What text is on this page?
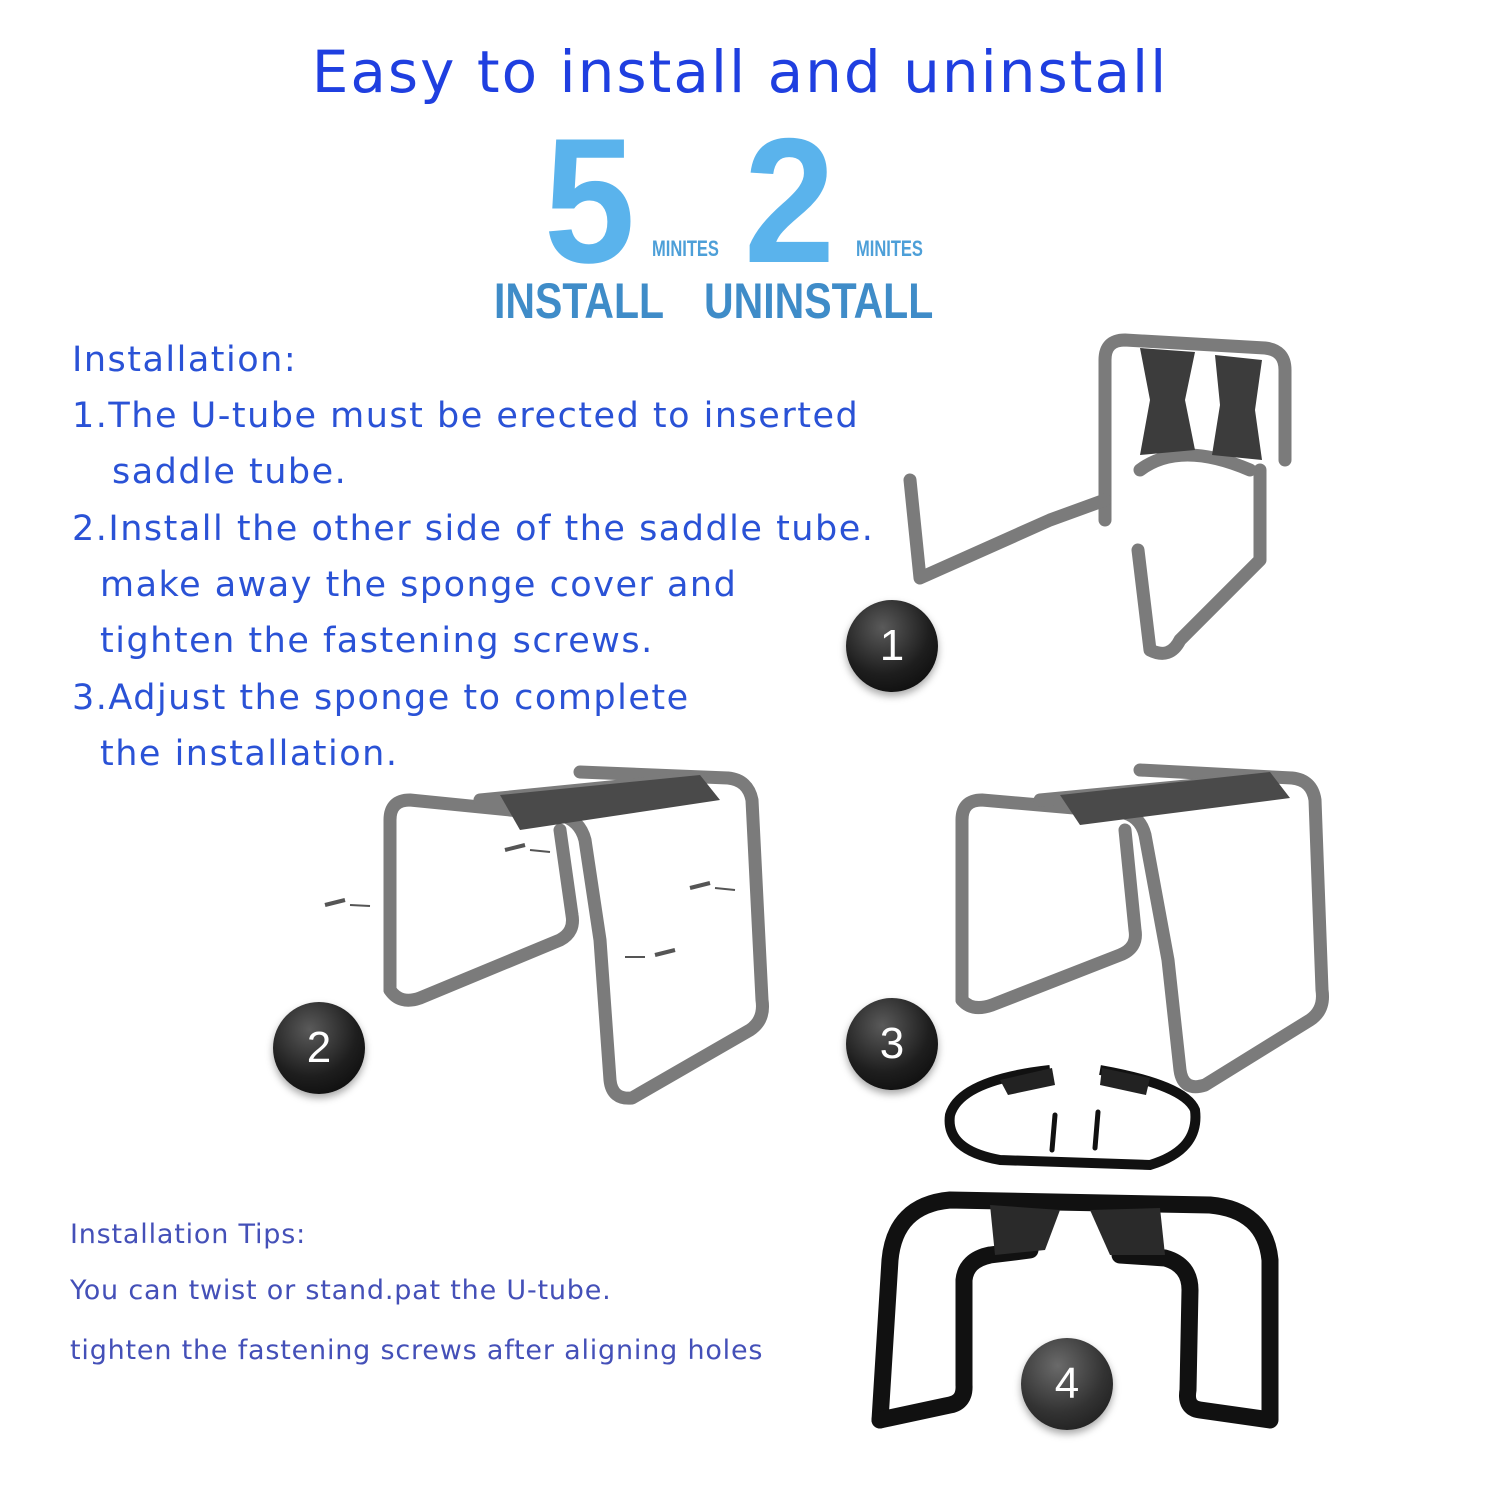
Easy to install and uninstall
5 MINITES 2 MINITES
INSTALL UNINSTALL
Installation:
1.The U-tube must be erected to inserted
saddle tube.
2.Install the other side of the saddle tube.
make away the sponge cover and
tighten the fastening screws.
3.Adjust the sponge to complete
the installation.
Installation Tips:
You can twist or stand.pat the U-tube.
tighten the fastening screws after aligning holes
1
2	3
4
